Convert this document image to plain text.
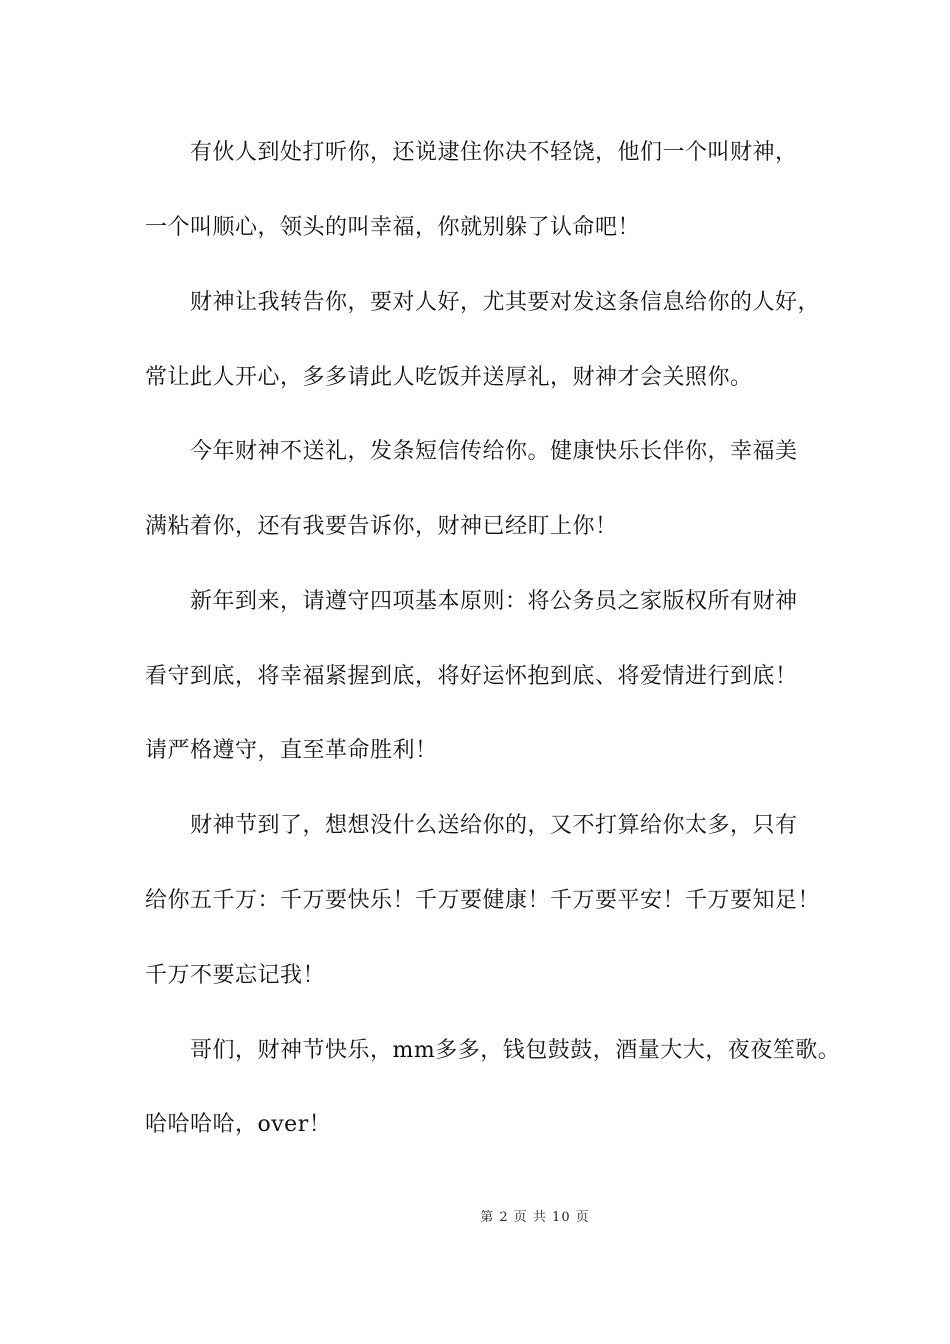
有伙人到处打听你，还说逮住你决不轻饶，他们一个叫财神，
一个叫顺心，领头的叫幸福，你就别躲了认命吧！
财神让我转告你，要对人好，尤其要对发这条信息给你的人好，
常让此人开心，多多请此人吃饭并送厚礼，财神才会关照你。
今年财神不送礼，发条短信传给你。健康快乐长伴你，幸福美
满粘着你，还有我要告诉你，财神已经盯上你！
新年到来，请遵守四项基本原则：将公务员之家版权所有财神
看守到底，将幸福紧握到底，将好运怀抱到底、将爱情进行到底！
请严格遵守，直至革命胜利！
财神节到了，想想没什么送给你的，又不打算给你太多，只有
给你五千万：千万要快乐！千万要健康！千万要平安！千万要知足！
千万不要忘记我！
哥们，财神节快乐，mm多多，钱包鼓鼓，酒量大大，夜夜笙歌。
哈哈哈哈，over！
第 2 页 共 10 页
